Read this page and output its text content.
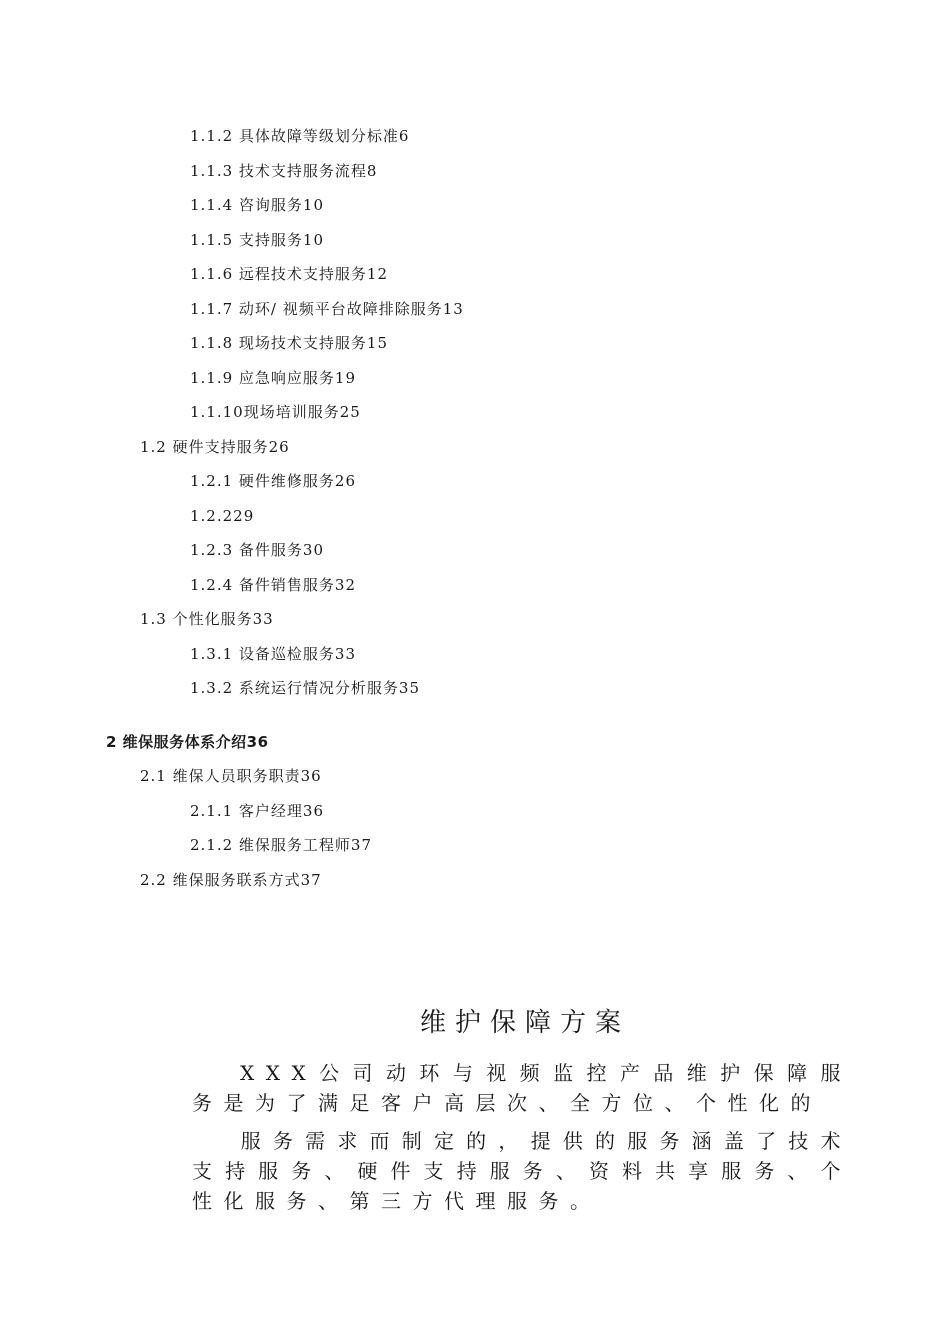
1.1.2 具体故障等级划分标准6
1.1.3 技术支持服务流程8
1.1.4 咨询服务10
1.1.5 支持服务10
1.1.6 远程技术支持服务12
1.1.7 动环/ 视频平台故障排除服务13
1.1.8 现场技术支持服务15
1.1.9 应急响应服务19
1.1.10现场培训服务25
1.2 硬件支持服务26
1.2.1 硬件维修服务26
1.2.229
1.2.3 备件服务30
1.2.4 备件销售服务32
1.3 个性化服务33
1.3.1 设备巡检服务33
1.3.2 系统运行情况分析服务35
2 维保服务体系介绍36
2.1 维保人员职务职责36
2.1.1 客户经理36
2.1.2 维保服务工程师37
2.2 维保服务联系方式37
维护保障方案
XXX公司动环与视频监控产品维护保障服务是为了满足客户高层次、全方位、个性化的
服务需求而制定的，提供的服务涵盖了技术支持服务、硬件支持服务、资料共享服务、个性化服务、第三方代理服务。
